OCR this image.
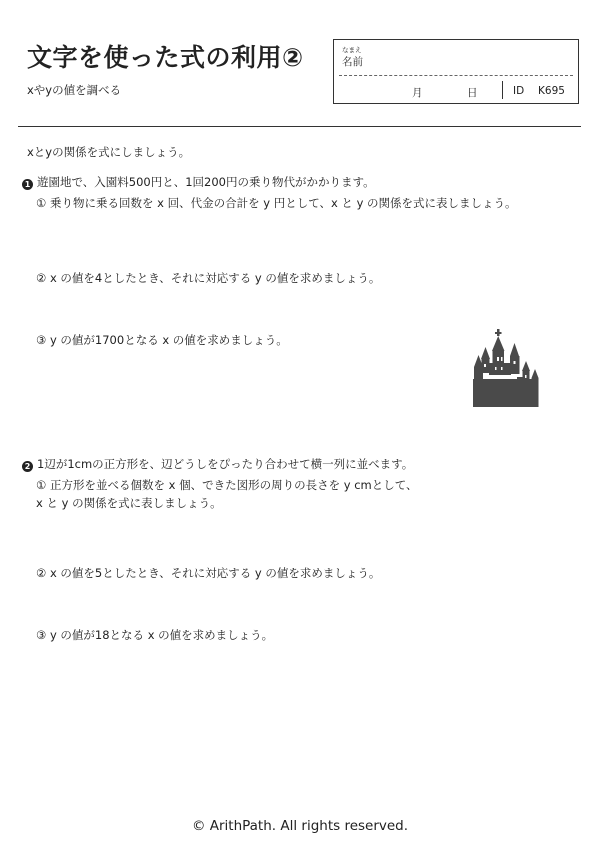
文字を使った式の利用②
xやyの値を調べる
なまえ
名前
月	日	ID K695
xとyの関係を式にしましょう。
1 遊園地で、入園料500円と、1回200円の乗り物代がかかります。
① 乗り物に乗る回数を x 回、代金の合計を y 円として、x と y の関係を式に表しましょう。
② x の値を4としたとき、それに対応する y の値を求めましょう。
③ y の値が1700となる x の値を求めましょう。
2 1辺が1cmの正方形を、辺どうしをぴったり合わせて横一列に並べます。
① 正方形を並べる個数を x 個、できた図形の周りの長さを y cmとして、
x と y の関係を式に表しましょう。
② x の値を5としたとき、それに対応する y の値を求めましょう。
③ y の値が18となる x の値を求めましょう。
© ArithPath. All rights reserved.
